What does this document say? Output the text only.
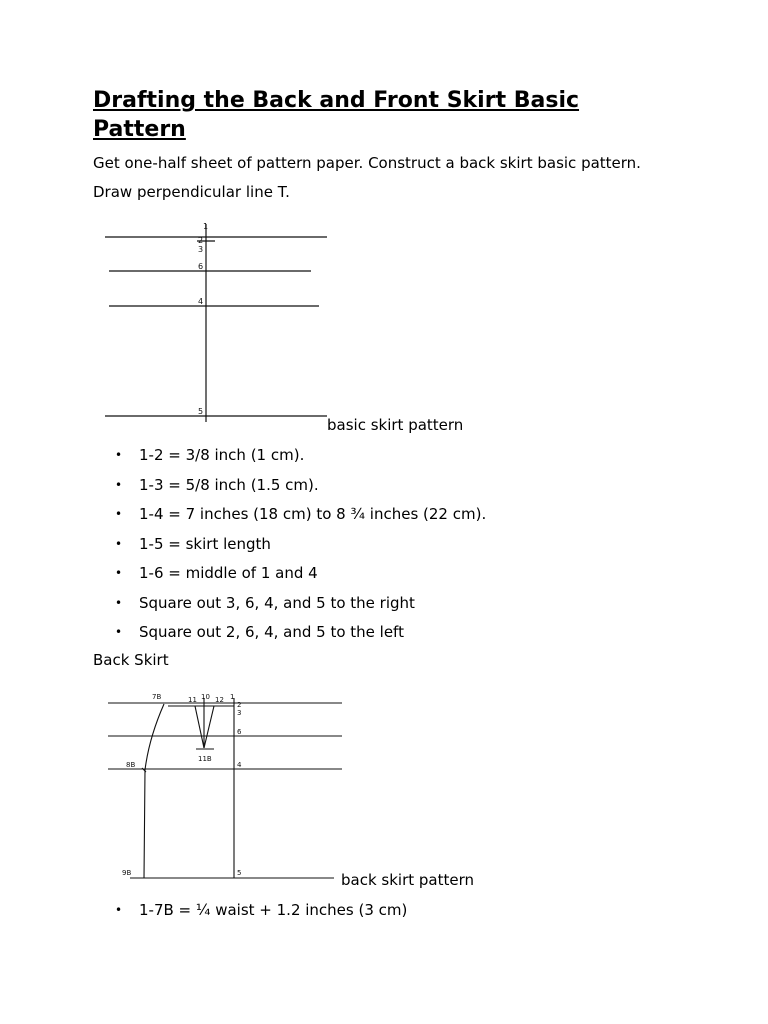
Drafting the Back and Front Skirt Basic Pattern

Get one-half sheet of pattern paper. Construct a back skirt basic pattern.

Draw perpendicular line T.

1
2
3
6
4
5
basic skirt pattern
• 1-2 = 3/8 inch (1 cm).
• 1-3 = 5/8 inch (1.5 cm).
• 1-4 = 7 inches (18 cm) to 8 ¾ inches (22 cm).
• 1-5 = skirt length
• 1-6 = middle of 1 and 4
• Square out 3, 6, 4, and 5 to the right
• Square out 2, 6, 4, and 5 to the left

Back Skirt

7B	11 10 12 1
2
3
6
11B
8B	4
9B	5	back skirt pattern
• 1-7B = ¼ waist + 1.2 inches (3 cm)
